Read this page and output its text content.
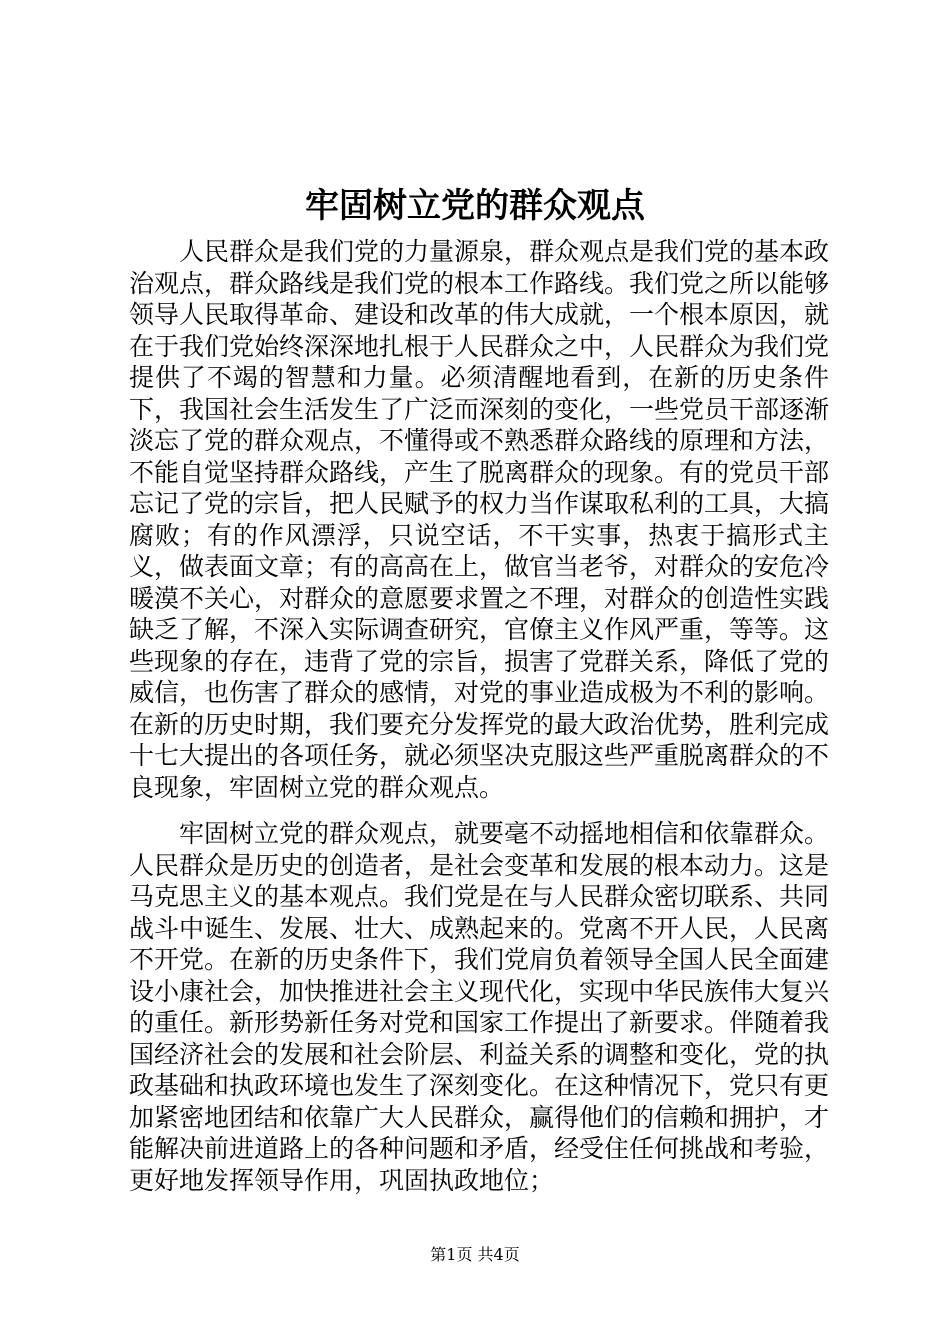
牢固树立党的群众观点

人民群众是我们党的力量源泉，群众观点是我们党的基本政治观点，群众路线是我们党的根本工作路线。我们党之所以能够领导人民取得革命、建设和改革的伟大成就，一个根本原因，就在于我们党始终深深地扎根于人民群众之中，人民群众为我们党提供了不竭的智慧和力量。必须清醒地看到，在新的历史条件下，我国社会生活发生了广泛而深刻的变化，一些党员干部逐渐淡忘了党的群众观点，不懂得或不熟悉群众路线的原理和方法，不能自觉坚持群众路线，产生了脱离群众的现象。有的党员干部忘记了党的宗旨，把人民赋予的权力当作谋取私利的工具，大搞腐败；有的作风漂浮，只说空话，不干实事，热衷于搞形式主义，做表面文章；有的高高在上，做官当老爷，对群众的安危冷暖漠不关心，对群众的意愿要求置之不理，对群众的创造性实践缺乏了解，不深入实际调查研究，官僚主义作风严重，等等。这些现象的存在，违背了党的宗旨，损害了党群关系，降低了党的威信，也伤害了群众的感情，对党的事业造成极为不利的影响。在新的历史时期，我们要充分发挥党的最大政治优势，胜利完成十七大提出的各项任务，就必须坚决克服这些严重脱离群众的不良现象，牢固树立党的群众观点。

牢固树立党的群众观点，就要毫不动摇地相信和依靠群众。人民群众是历史的创造者，是社会变革和发展的根本动力。这是马克思主义的基本观点。我们党是在与人民群众密切联系、共同战斗中诞生、发展、壮大、成熟起来的。党离不开人民，人民离不开党。在新的历史条件下，我们党肩负着领导全国人民全面建设小康社会，加快推进社会主义现代化，实现中华民族伟大复兴的重任。新形势新任务对党和国家工作提出了新要求。伴随着我国经济社会的发展和社会阶层、利益关系的调整和变化，党的执政基础和执政环境也发生了深刻变化。在这种情况下，党只有更加紧密地团结和依靠广大人民群众，赢得他们的信赖和拥护，才能解决前进道路上的各种问题和矛盾，经受住任何挑战和考验，更好地发挥领导作用，巩固执政地位；

第1页 共4页
